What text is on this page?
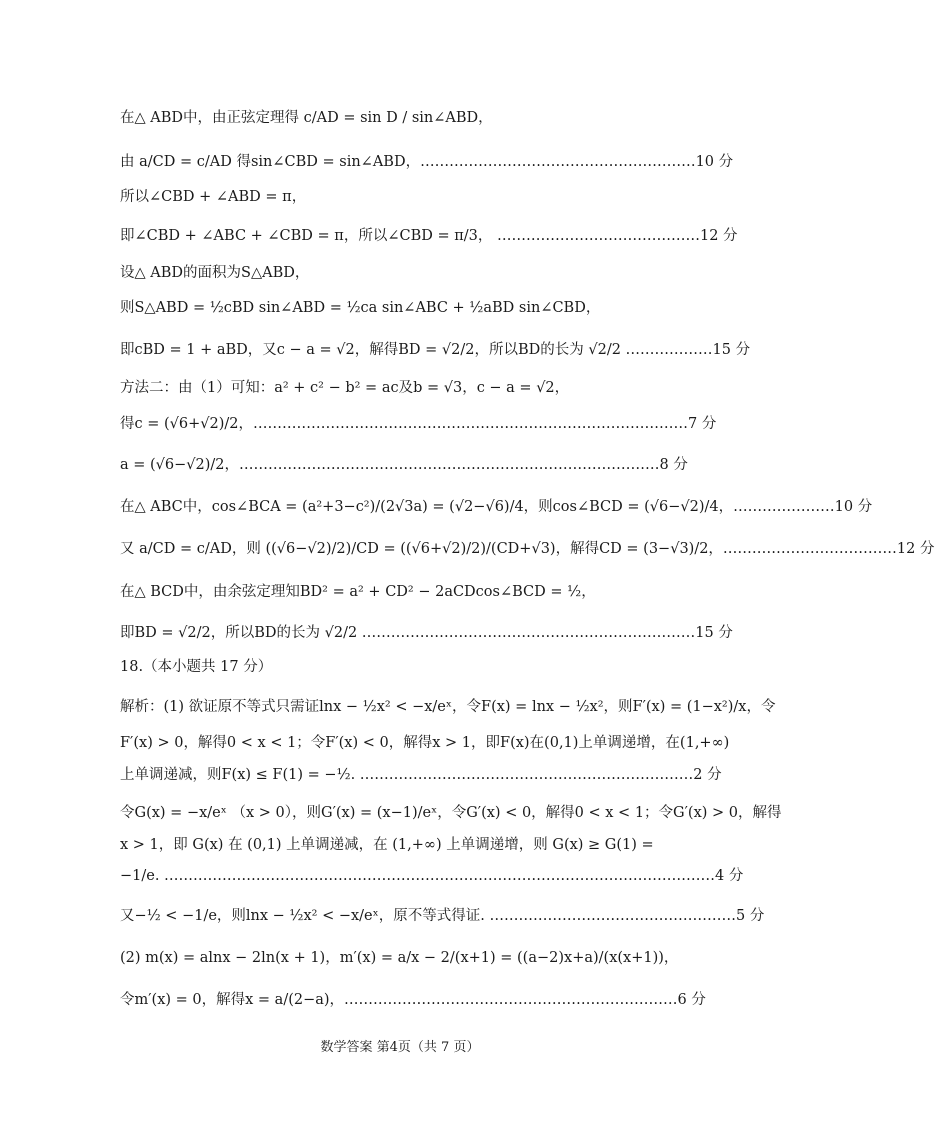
在△ ABD中，由正弦定理得 c/AD = sin D / sin∠ABD，
由 a/CD = c/AD 得sin∠CBD = sin∠ABD，…………………………………………………10 分
所以∠CBD + ∠ABD = π，
即∠CBD + ∠ABC + ∠CBD = π，所以∠CBD = π/3， ……………………………………12 分
设△ ABD的面积为S△ABD，
则S△ABD = ½cBD sin∠ABD = ½ca sin∠ABC + ½aBD sin∠CBD，
即cBD = 1 + aBD，又c − a = √2，解得BD = √2/2，所以BD的长为 √2/2 ………………15 分
方法二：由（1）可知：a² + c² − b² = ac及b = √3，c − a = √2，
得c = (√6+√2)/2，………………………………………………………………………………7 分
a = (√6−√2)/2，……………………………………………………………………………8 分
在△ ABC中，cos∠BCA = (a²+3−c²)/(2√3a) = (√2−√6)/4，则cos∠BCD = (√6−√2)/4，…………………10 分
又 a/CD = c/AD，则 ((√6−√2)/2)/CD = ((√6+√2)/2)/(CD+√3)，解得CD = (3−√3)/2，………………………………12 分
在△ BCD中，由余弦定理知BD² = a² + CD² − 2aCDcos∠BCD = ½，
即BD = √2/2，所以BD的长为 √2/2 ……………………………………………………………15 分
18.（本小题共 17 分）
解析：(1) 欲证原不等式只需证lnx − ½x² < −x/eˣ，令F(x) = lnx − ½x²，则F′(x) = (1−x²)/x，令
F′(x) > 0，解得0 < x < 1；令F′(x) < 0，解得x > 1，即F(x)在(0,1)上单调递增，在(1,+∞)
上单调递减，则F(x) ≤ F(1) = −½. ……………………………………………………………2 分
令G(x) = −x/eˣ （x > 0），则G′(x) = (x−1)/eˣ，令G′(x) < 0，解得0 < x < 1；令G′(x) > 0，解得
x > 1，即 G(x) 在 (0,1) 上单调递减，在 (1,+∞) 上单调递增，则 G(x) ≥ G(1) =
−1/e. ……………………………………………………………………………………………………4 分
又−½ < −1/e，则lnx − ½x² < −x/eˣ，原不等式得证. ……………………………………………5 分
(2) m(x) = alnx − 2ln(x + 1)，m′(x) = a/x − 2/(x+1) = ((a−2)x+a)/(x(x+1))，
令m′(x) = 0，解得x = a/(2−a)，……………………………………………………………6 分
数学答案 第4页（共 7 页）
